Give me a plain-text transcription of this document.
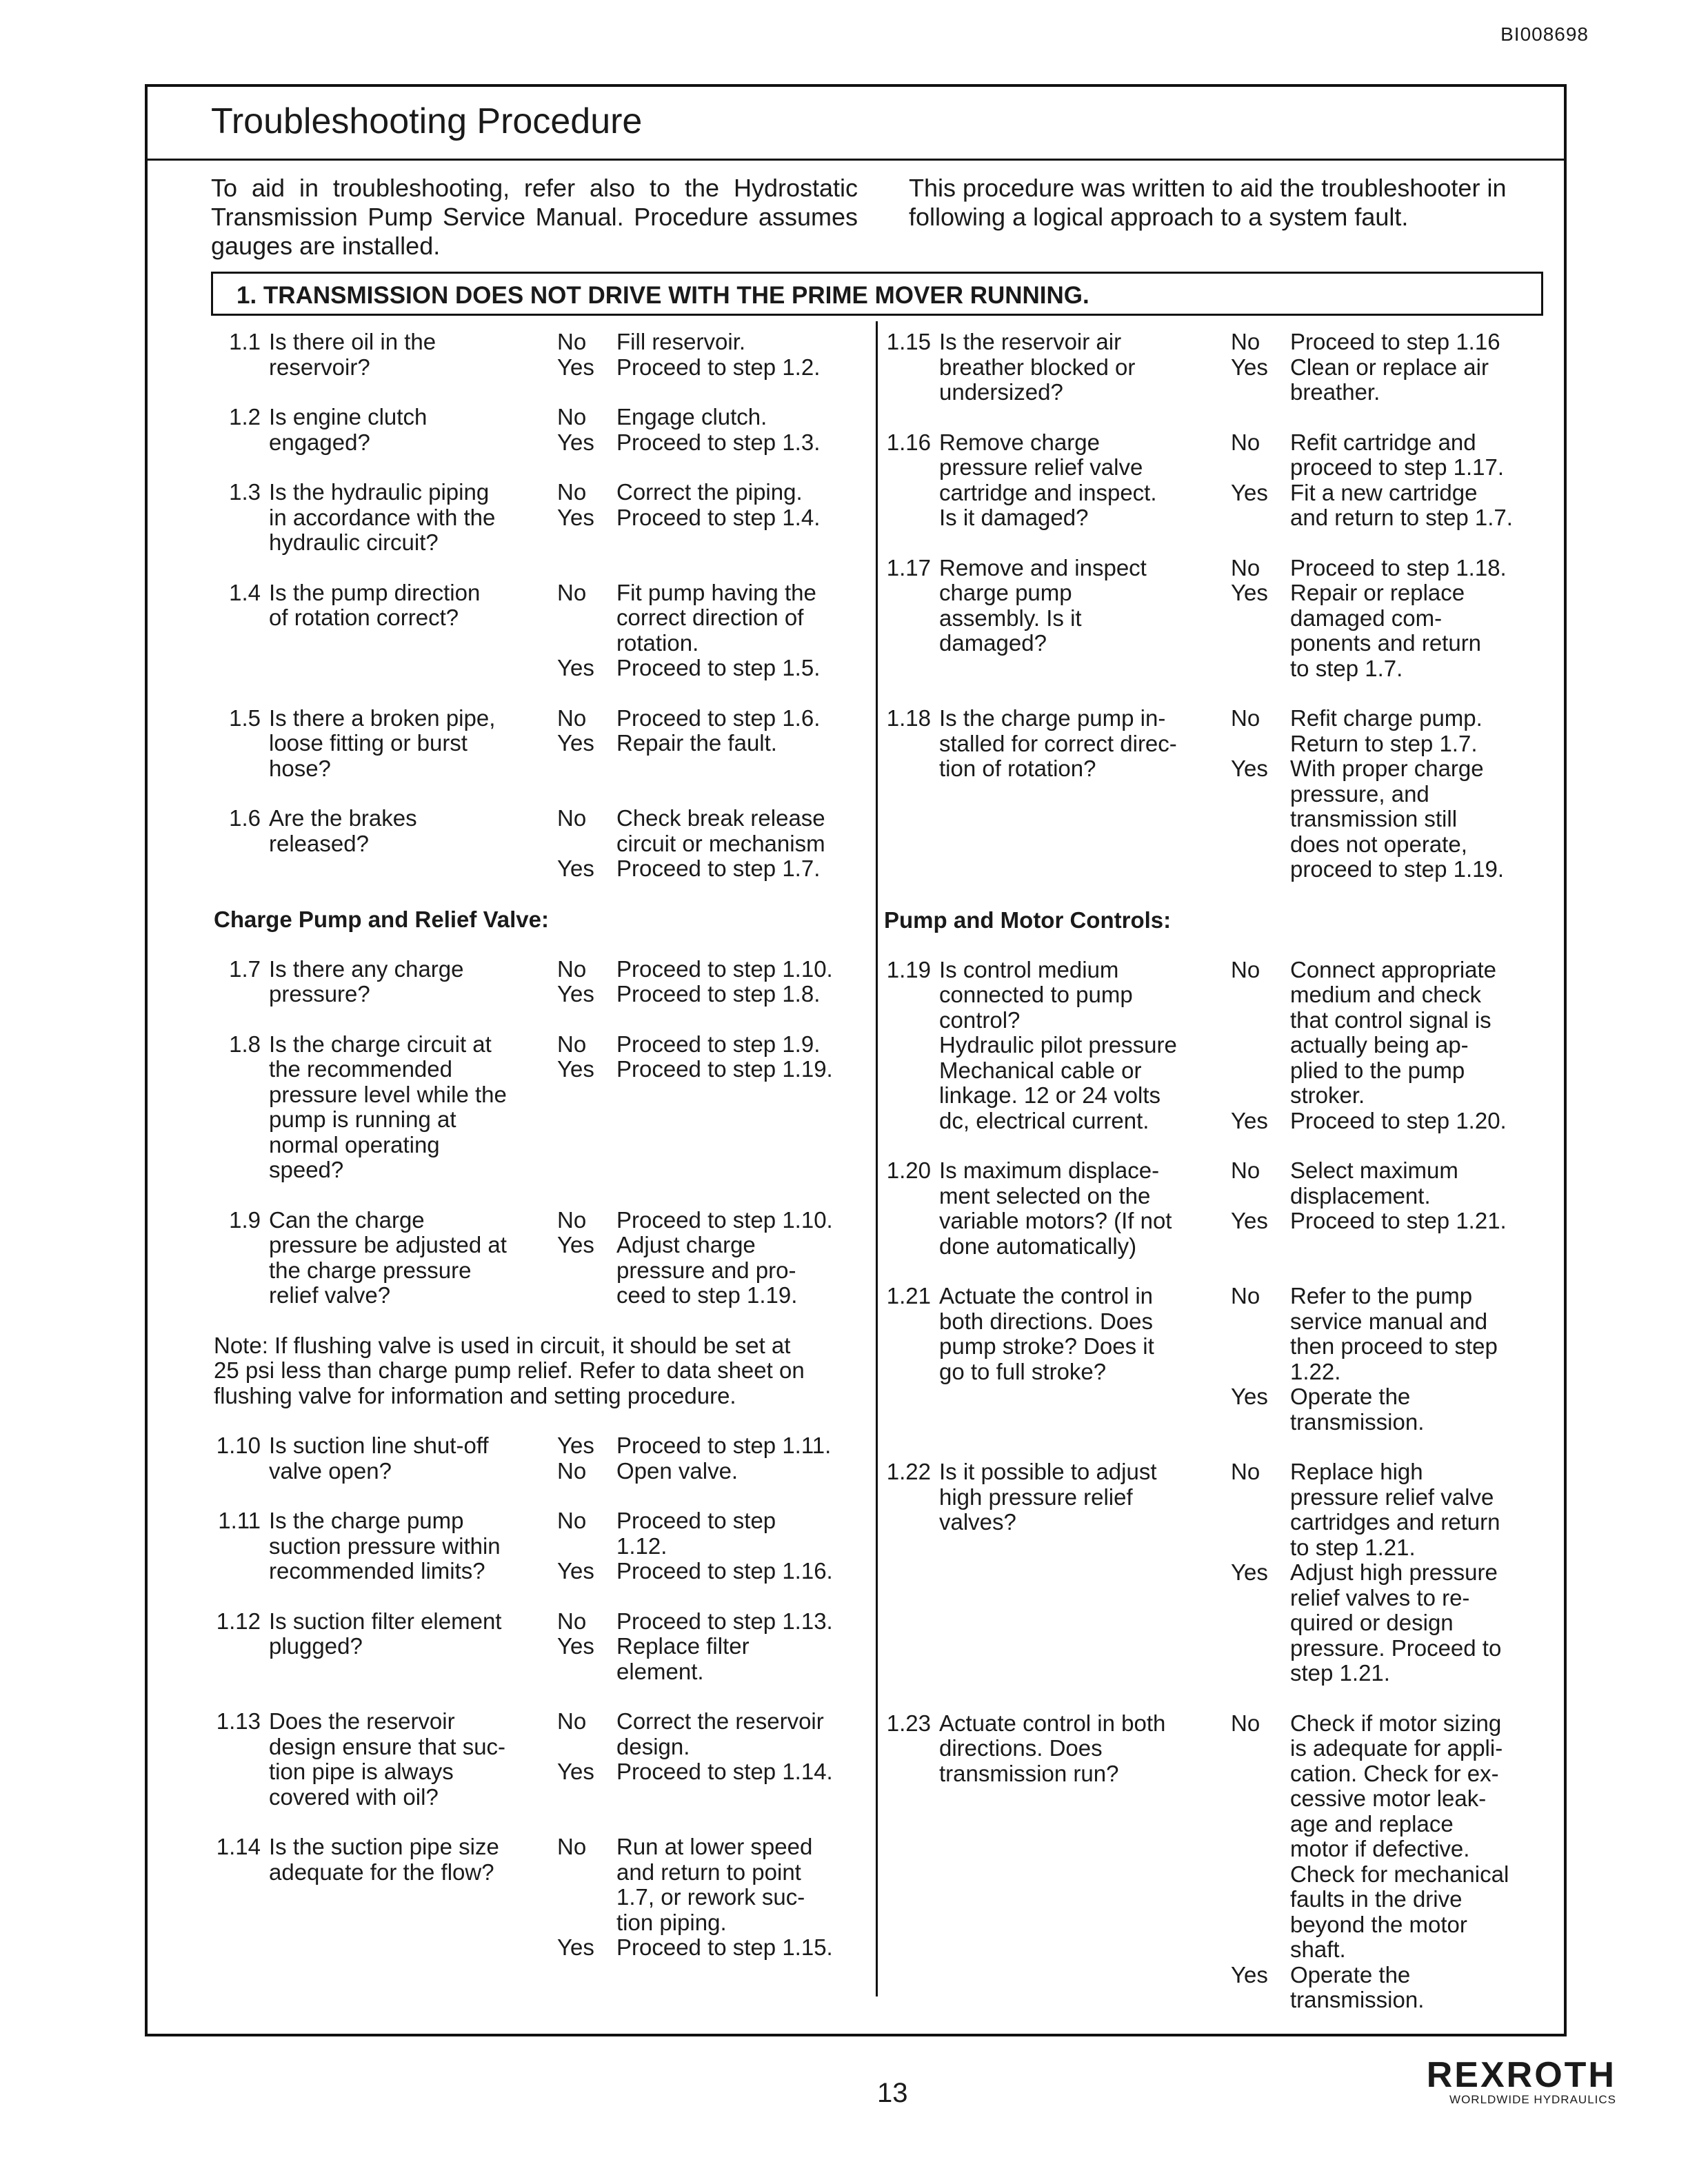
BI008698
Troubleshooting Procedure

To aid in troubleshooting, refer also to the Hydrostatic Transmission Pump Service Manual. Procedure assumes gauges are installed.

This procedure was written to aid the troubleshooter in following a logical approach to a system fault.

1. TRANSMISSION DOES NOT DRIVE WITH THE PRIME MOVER RUNNING.
1.1 Is there oil in the
reservoir?
No	Fill reservoir.
Yes Proceed to step 1.2.
1.2 Is engine clutch
engaged?
No	Engage clutch.
Yes Proceed to step 1.3.
1.3 Is the hydraulic piping
in accordance with the
hydraulic circuit?
No	Correct the piping.
Yes Proceed to step 1.4.
1.4 Is the pump direction
of rotation correct?
No	Fit pump having the
correct direction of
rotation.
Yes Proceed to step 1.5.
1.5 Is there a broken pipe,
loose fitting or burst
hose?
No	Proceed to step 1.6.
Yes Repair the fault.
1.6 Are the brakes
released?
No	Check break release
circuit or mechanism
Yes Proceed to step 1.7.
Charge Pump and Relief Valve:
1.7 Is there any charge
pressure?
No	Proceed to step 1.10.
Yes Proceed to step 1.8.
1.8 Is the charge circuit at
the recommended
pressure level while the
pump is running at
normal operating
speed?
No	Proceed to step 1.9.
Yes Proceed to step 1.19.
1.9 Can the charge
pressure be adjusted at
the charge pressure
relief valve?
No	Proceed to step 1.10.
Yes Adjust charge
pressure and pro-
ceed to step 1.19.

Note: If flushing valve is used in circuit, it should be set at
25 psi less than charge pump relief. Refer to data sheet on
flushing valve for information and setting procedure.

1.10 Is suction line shut-off
valve open?
Yes Proceed to step 1.11.
No	Open valve.
1.11 Is the charge pump
suction pressure within
recommended limits?
No	Proceed to step
1.12.
Yes Proceed to step 1.16.
1.12 Is suction filter element
plugged?
No	Proceed to step 1.13.
Yes Replace filter
element.
1.13 Does the reservoir
design ensure that suc-
tion pipe is always
covered with oil?
No	Correct the reservoir
design.
Yes Proceed to step 1.14.
1.14 Is the suction pipe size
adequate for the flow?
No	Run at lower speed
and return to point
1.7, or rework suc-
tion piping.
Yes Proceed to step 1.15.
1.15 Is the reservoir air
breather blocked or
undersized?
No	Proceed to step 1.16
Yes Clean or replace air
breather.
1.16 Remove charge
pressure relief valve
cartridge and inspect.
Is it damaged?
No	Refit cartridge and
proceed to step 1.17.
Yes Fit a new cartridge
and return to step 1.7.
1.17 Remove and inspect
charge pump
assembly. Is it
damaged?
No	Proceed to step 1.18.
Yes Repair or replace
damaged com-
ponents and return
to step 1.7.
1.18 Is the charge pump in-
stalled for correct direc-
tion of rotation?
No	Refit charge pump.
Return to step 1.7.
Yes With proper charge
pressure, and
transmission still
does not operate,
proceed to step 1.19.
Pump and Motor Controls:
1.19 Is control medium
connected to pump
control?
Hydraulic pilot pressure
Mechanical cable or
linkage. 12 or 24 volts
dc, electrical current.
No	Connect appropriate
medium and check
that control signal is
actually being ap-
plied to the pump
stroker.
Yes Proceed to step 1.20.
1.20 Is maximum displace-
ment selected on the
variable motors? (If not
done automatically)
No	Select maximum
displacement.
Yes Proceed to step 1.21.
1.21 Actuate the control in
both directions. Does
pump stroke? Does it
go to full stroke?
No	Refer to the pump
service manual and
then proceed to step
1.22.
Yes Operate the
transmission.
1.22 Is it possible to adjust
high pressure relief
valves?
No	Replace high
pressure relief valve
cartridges and return
to step 1.21.
Yes Adjust high pressure
relief valves to re-
quired or design
pressure. Proceed to
step 1.21.
1.23 Actuate control in both
directions. Does
transmission run?
No	Check if motor sizing
is adequate for appli-
cation. Check for ex-
cessive motor leak-
age and replace
motor if defective.
Check for mechanical
faults in the drive
beyond the motor
shaft.
Yes Operate the
transmission.
13	REXROTH
WORLDWIDE HYDRAULICS
